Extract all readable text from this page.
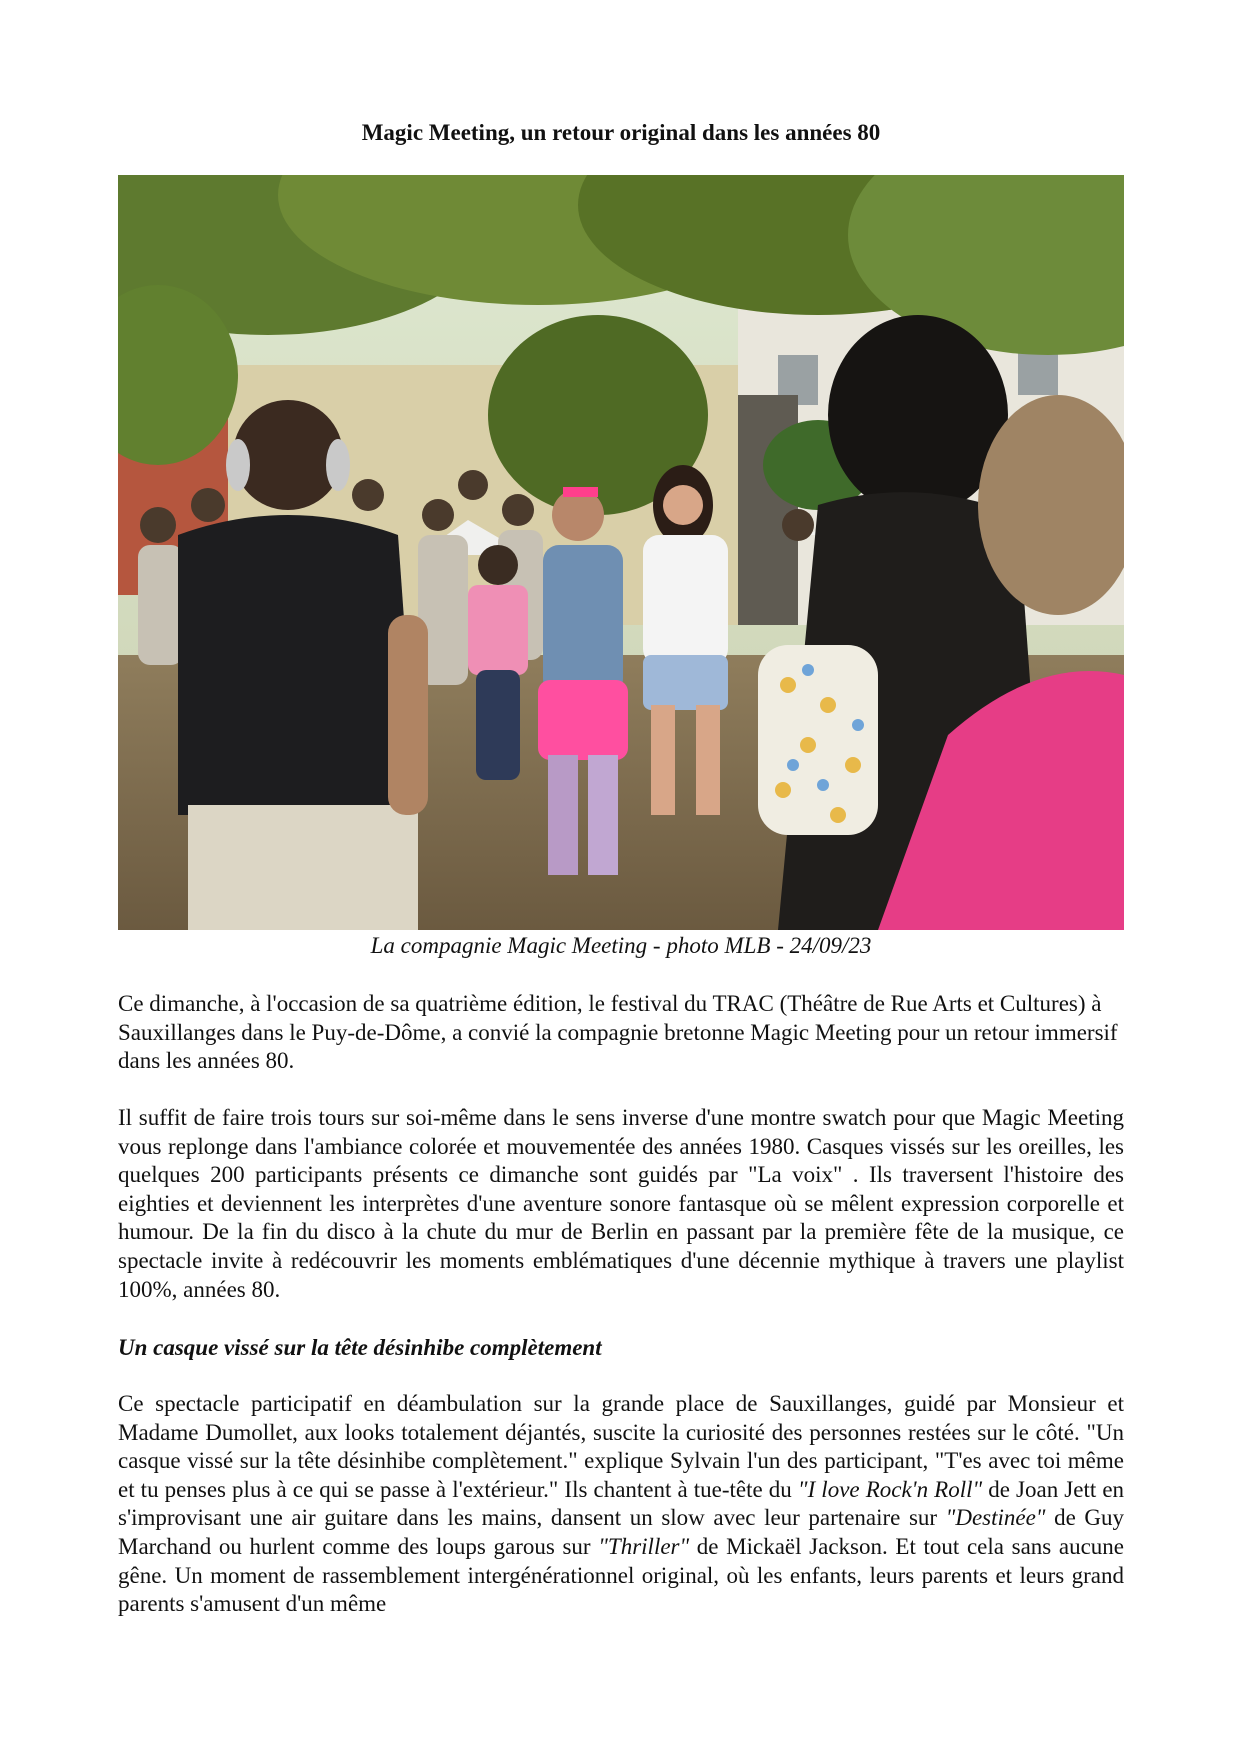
Magic Meeting, un retour original dans les années 80
La compagnie Magic Meeting - photo MLB - 24/09/23
Ce dimanche, à l'occasion de sa quatrième édition, le festival du TRAC (Théâtre de Rue Arts et Cultures) à Sauxillanges dans le Puy-de-Dôme, a convié la compagnie bretonne Magic Meeting pour un retour immersif dans les années 80.
Il suffit de faire trois tours sur soi-même dans le sens inverse d'une montre swatch pour que Magic Meeting vous replonge dans l'ambiance colorée et mouvementée des années 1980. Casques vissés sur les oreilles, les quelques 200 participants présents ce dimanche sont guidés par "La voix" . Ils traversent l'histoire des eighties et deviennent les interprètes d'une aventure sonore fantasque où se mêlent expression corporelle et humour. De la fin du disco à la chute du mur de Berlin en passant par la première fête de la musique, ce spectacle invite à redécouvrir les moments emblématiques d'une décennie mythique à travers une playlist 100%, années 80.
Un casque vissé sur la tête désinhibe complètement
Ce spectacle participatif en déambulation sur la grande place de Sauxillanges, guidé par Monsieur et Madame Dumollet, aux looks totalement déjantés, suscite la curiosité des personnes restées sur le côté. "Un casque vissé sur la tête désinhibe complètement." explique Sylvain l'un des participant, "T'es avec toi même et tu penses plus à ce qui se passe à l'extérieur." Ils chantent à tue-tête du "I love Rock'n Roll" de Joan Jett en s'improvisant une air guitare dans les mains, dansent un slow avec leur partenaire sur "Destinée" de Guy Marchand ou hurlent comme des loups garous sur "Thriller" de Mickaël Jackson. Et tout cela sans aucune gêne. Un moment de rassemblement intergénérationnel original, où les enfants, leurs parents et leurs grand parents s'amusent d'un même
